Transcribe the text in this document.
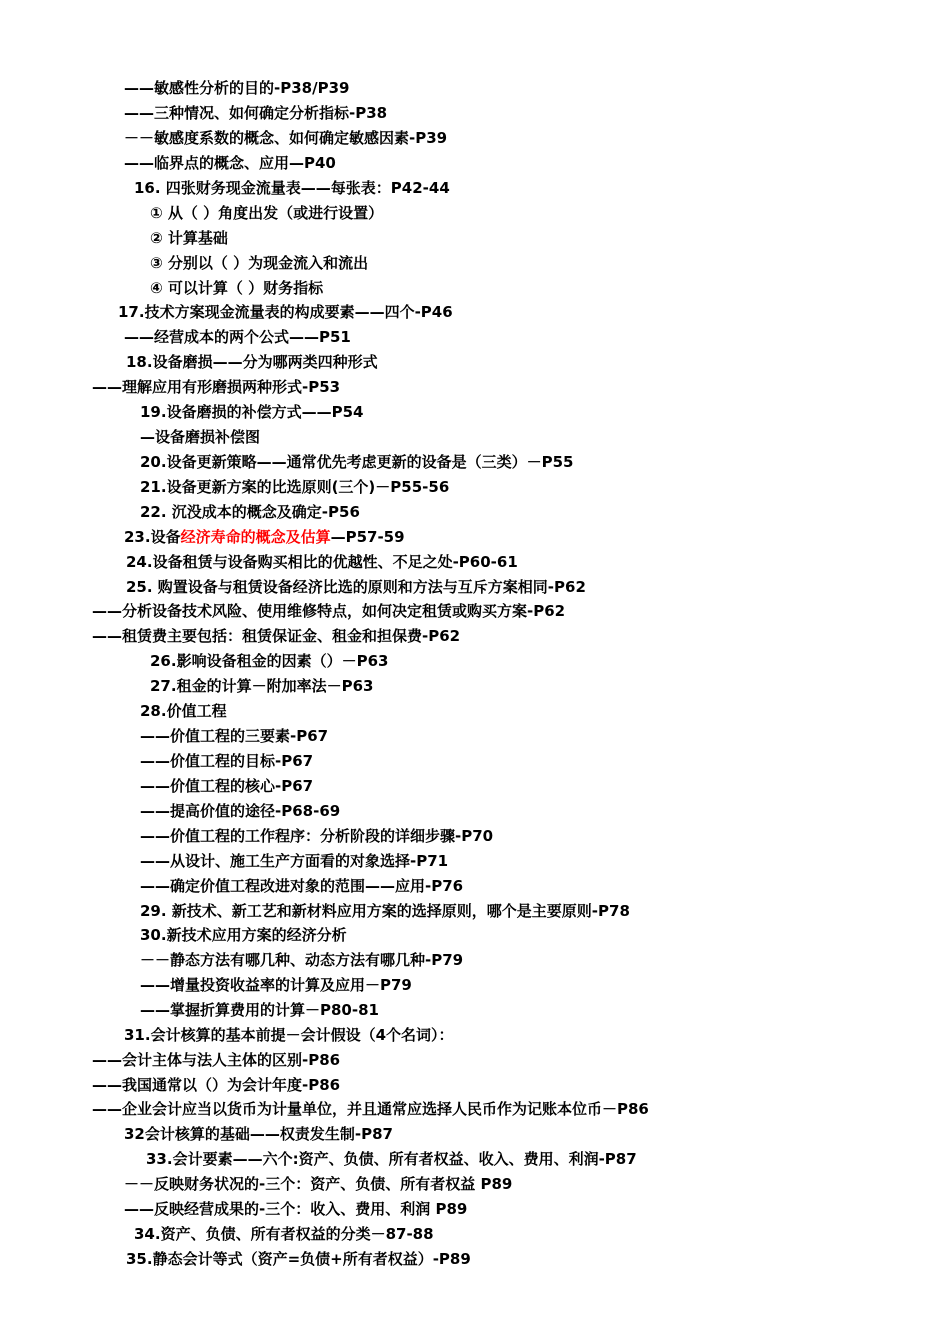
——敏感性分析的目的-P38/P39
——三种情况、如何确定分析指标-P38
－－敏感度系数的概念、如何确定敏感因素-P39
——临界点的概念、应用—P40
16. 四张财务现金流量表——每张表：P42-44
① 从（ ）角度出发（或进行设置）
② 计算基础
③ 分别以（ ）为现金流入和流出
④ 可以计算（ ）财务指标
17.技术方案现金流量表的构成要素——四个-P46
——经营成本的两个公式——P51
18.设备磨损——分为哪两类四种形式
——理解应用有形磨损两种形式-P53
19.设备磨损的补偿方式——P54
—设备磨损补偿图
20.设备更新策略——通常优先考虑更新的设备是（三类）－P55
21.设备更新方案的比选原则(三个)－P55-56
22. 沉没成本的概念及确定-P56
23.设备经济寿命的概念及估算—P57-59
24.设备租赁与设备购买相比的优越性、不足之处-P60-61
25. 购置设备与租赁设备经济比选的原则和方法与互斥方案相同-P62
——分析设备技术风险、使用维修特点，如何决定租赁或购买方案-P62
——租赁费主要包括：租赁保证金、租金和担保费-P62
26.影响设备租金的因素（）－P63
27.租金的计算－附加率法－P63
28.价值工程
——价值工程的三要素-P67
——价值工程的目标-P67
——价值工程的核心-P67
——提高价值的途径-P68-69
——价值工程的工作程序：分析阶段的详细步骤-P70
——从设计、施工生产方面看的对象选择-P71
——确定价值工程改进对象的范围——应用-P76
29. 新技术、新工艺和新材料应用方案的选择原则，哪个是主要原则-P78
30.新技术应用方案的经济分析
－－静态方法有哪几种、动态方法有哪几种-P79
——增量投资收益率的计算及应用－P79
——掌握折算费用的计算－P80-81
31.会计核算的基本前提－会计假设（4个名词）：
——会计主体与法人主体的区别-P86
——我国通常以（）为会计年度-P86
——企业会计应当以货币为计量单位，并且通常应选择人民币作为记账本位币－P86
32会计核算的基础——权责发生制-P87
33.会计要素——六个:资产、负债、所有者权益、收入、费用、利润-P87
－－反映财务状况的-三个：资产、负债、所有者权益 P89
——反映经营成果的-三个：收入、费用、利润 P89
34.资产、负债、所有者权益的分类－87-88
35.静态会计等式（资产=负债+所有者权益）-P89
